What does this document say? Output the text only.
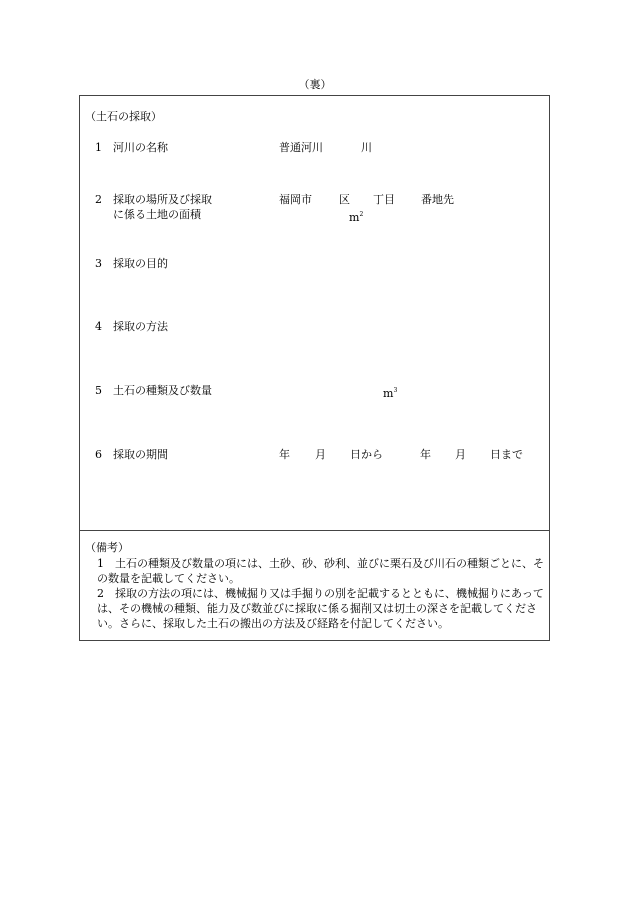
（裏）
（土石の採取）
1 河川の名称	普通河川	川
2 採取の場所及び採取
に係る土地の面積
福岡市 区 丁目 番地先
$m^2$
3 採取の目的
4 採取の方法
5 土石の種類及び数量	$m^3$
6 採取の期間	年 月 日から	年 月 日まで
（備考）
1　土石の種類及び数量の項には、土砂、砂、砂利、並びに栗石及び川石の種類ごとに、その数量を記載してください。
2　採取の方法の項には、機械掘り又は手掘りの別を記載するとともに、機械掘りにあっては、その機械の種類、能力及び数並びに採取に係る掘削又は切土の深さを記載してください。さらに、採取した土石の搬出の方法及び経路を付記してください。
